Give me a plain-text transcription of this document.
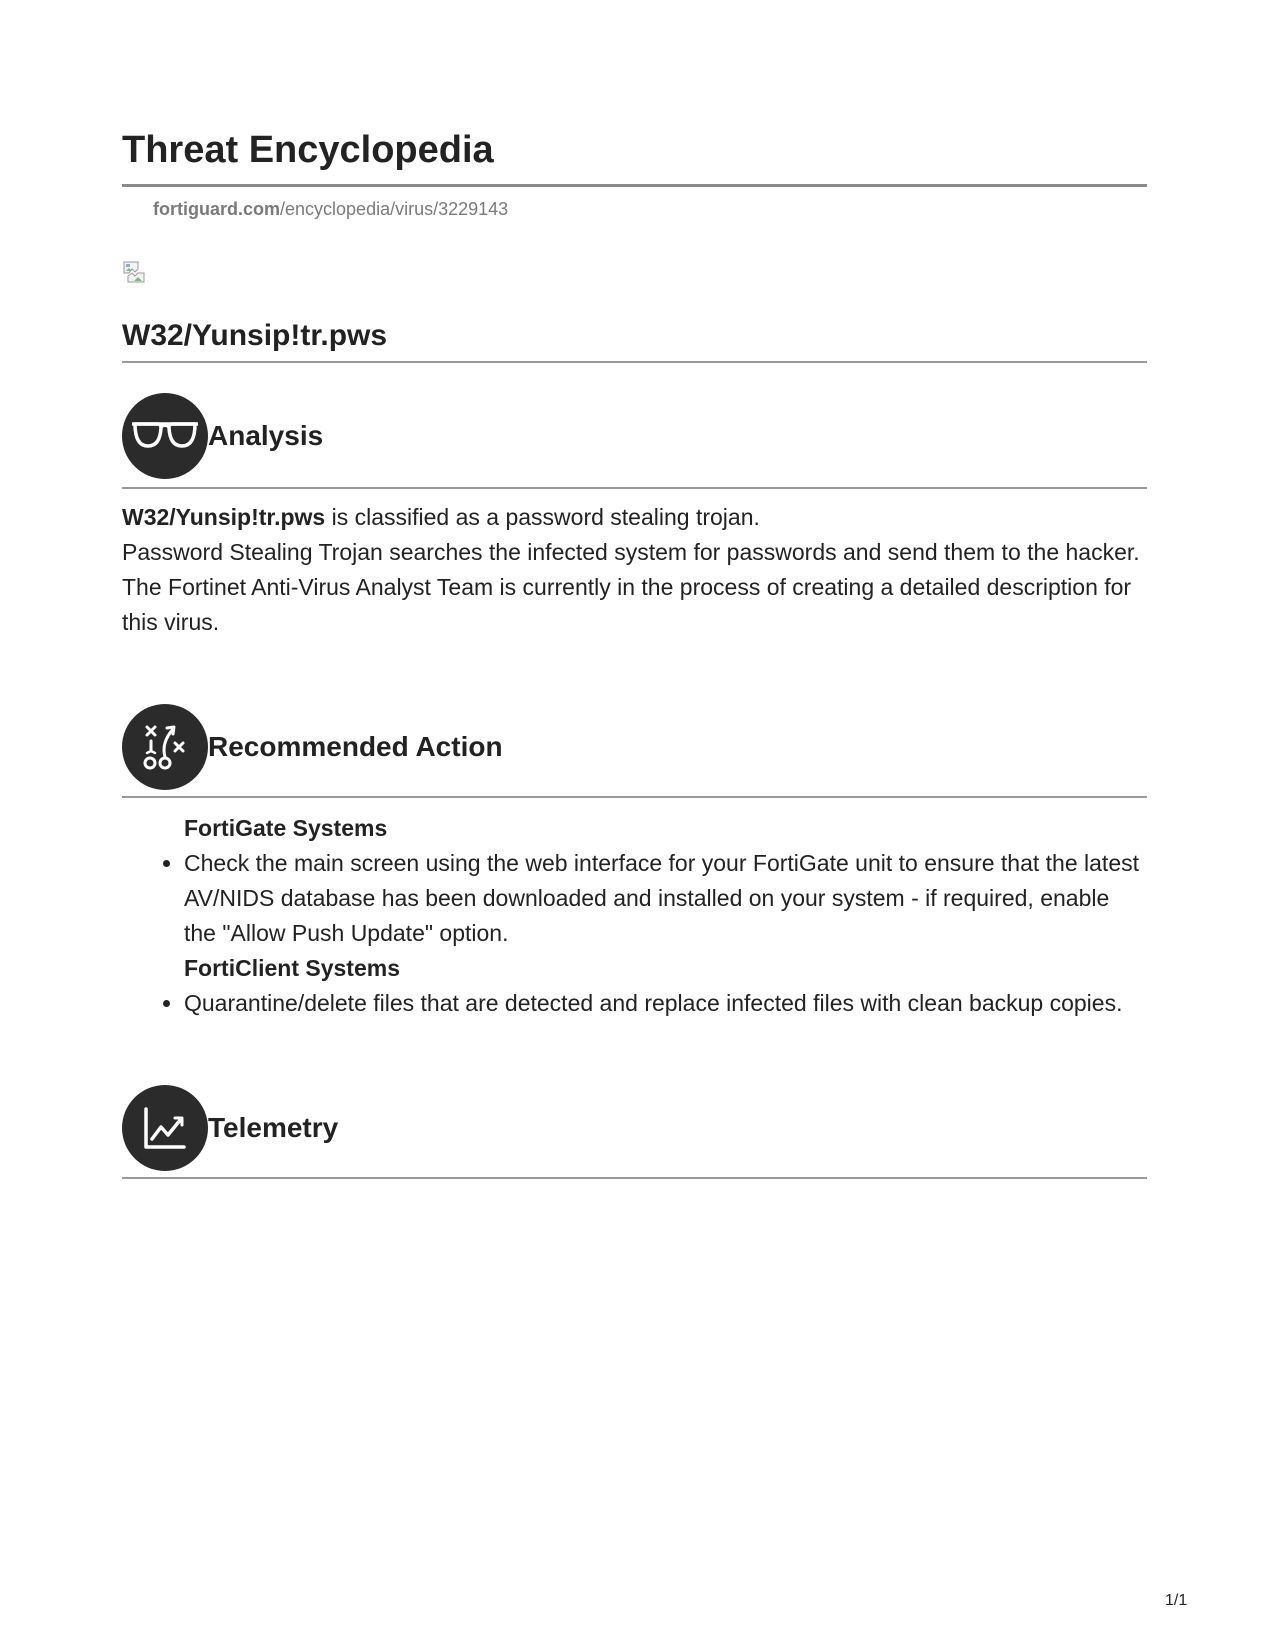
Threat Encyclopedia
fortiguard.com/encyclopedia/virus/3229143
W32/Yunsip!tr.pws
Analysis

W32/Yunsip!tr.pws is classified as a password stealing trojan.

Password Stealing Trojan searches the infected system for passwords and send them to the hacker.

The Fortinet Anti-Virus Analyst Team is currently in the process of creating a detailed description for this virus.

Recommended Action

FortiGate Systems

• Check the main screen using the web interface for your FortiGate unit to ensure that the latest AV/NIDS database has been downloaded and installed on your system - if required, enable the "Allow Push Update" option.

FortiClient Systems

• Quarantine/delete files that are detected and replace infected files with clean backup copies.
Telemetry
1/1
